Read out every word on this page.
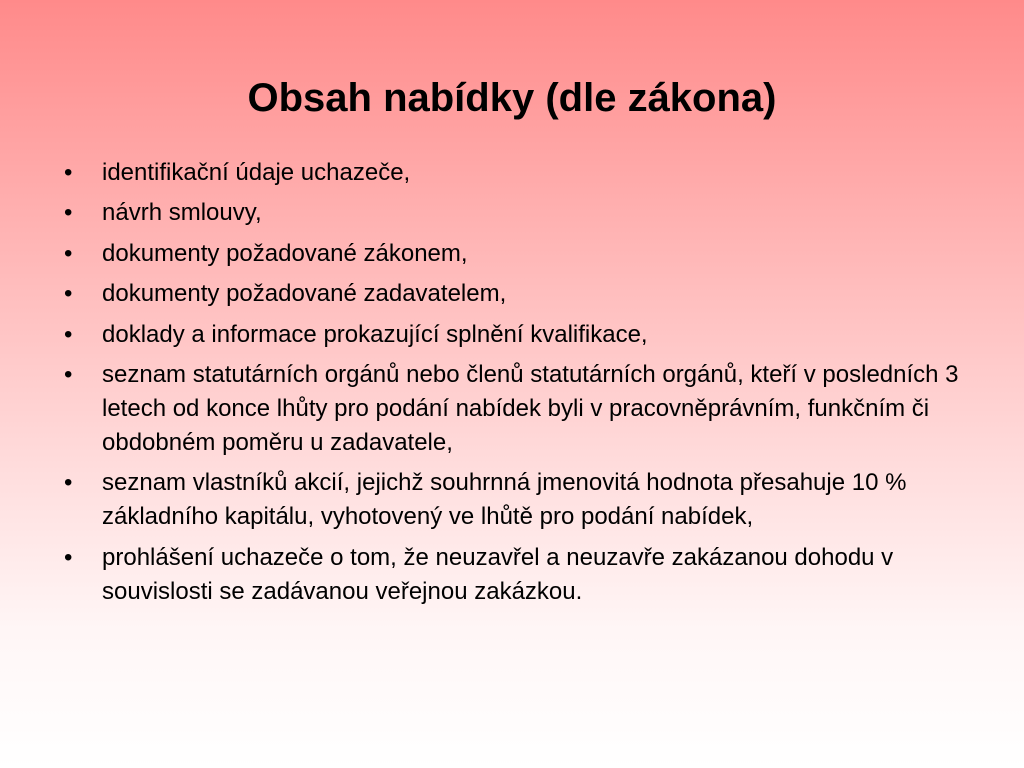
Obsah nabídky (dle zákona)
•	identifikační údaje uchazeče,
•	návrh smlouvy,
•	dokumenty požadované zákonem,
•	dokumenty požadované zadavatelem,
•	doklady a informace prokazující splnění kvalifikace,
•	seznam statutárních orgánů nebo členů statutárních orgánů, kteří v posledních 3 letech od konce lhůty pro podání nabídek byli v pracovněprávním, funkčním či obdobném poměru u zadavatele,
•	seznam vlastníků akcií, jejichž souhrnná jmenovitá hodnota přesahuje 10 % základního kapitálu, vyhotovený ve lhůtě pro podání nabídek,
•	prohlášení uchazeče o tom, že neuzavřel a neuzavře zakázanou dohodu v souvislosti se zadávanou veřejnou zakázkou.
